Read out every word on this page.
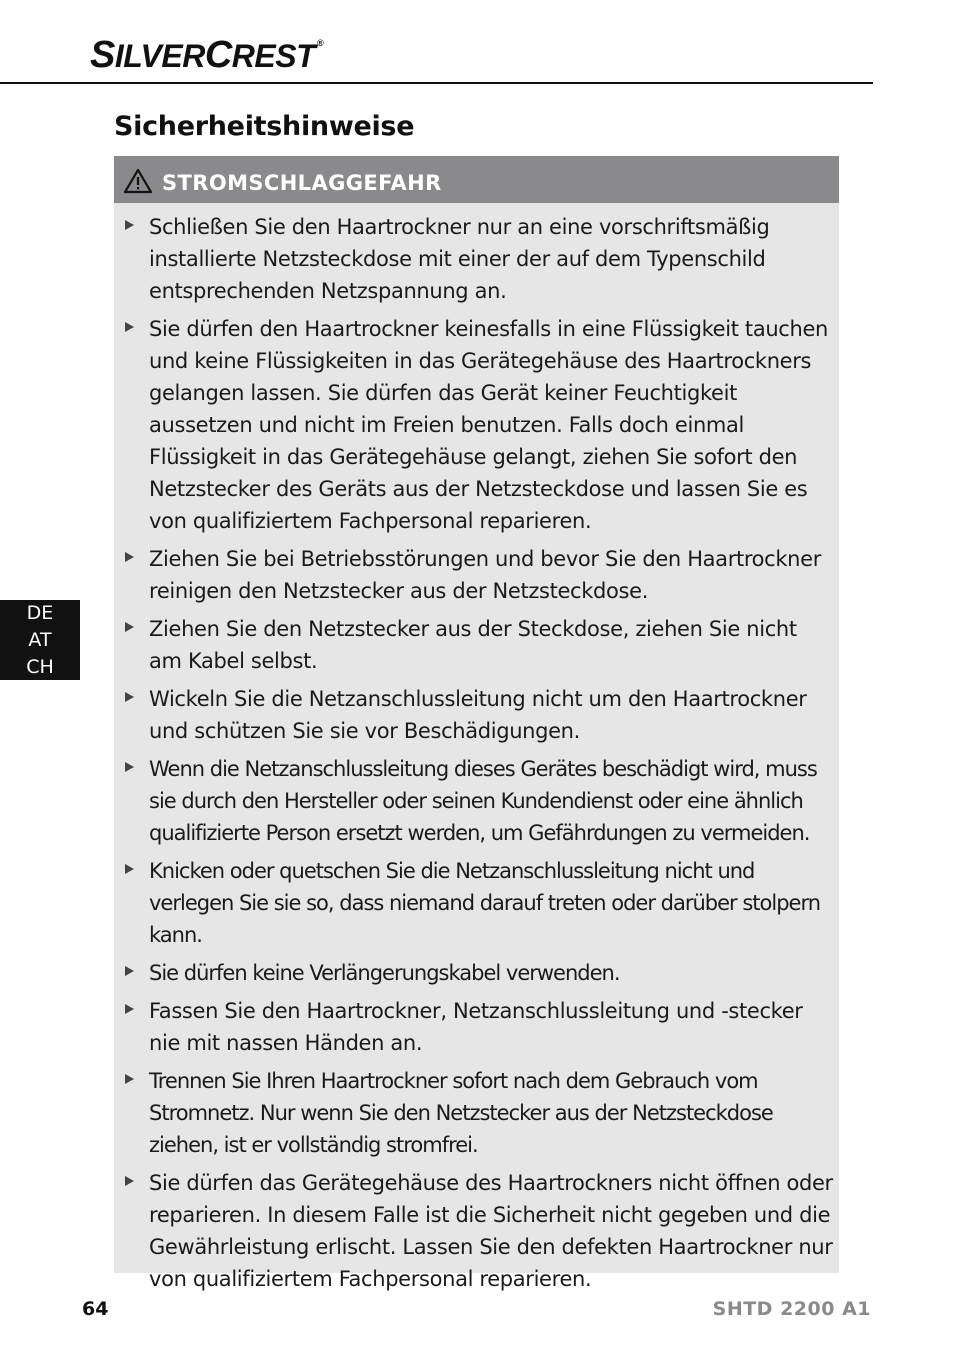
SILVERCREST ®
Sicherheitshinweise
STROMSCHLAGGEFAHR
Schließen Sie den Haartrockner nur an eine vorschriftsmäßig installierte Netzsteckdose mit einer der auf dem Typenschild entsprechenden Netzspannung an.
Sie dürfen den Haartrockner keinesfalls in eine Flüssigkeit tauchen und keine Flüssigkeiten in das Gerätegehäuse des Haartrockners gelangen lassen. Sie dürfen das Gerät keiner Feuchtigkeit aussetzen und nicht im Freien benutzen. Falls doch einmal Flüssigkeit in das Gerätegehäuse gelangt, ziehen Sie sofort den Netzstecker des Geräts aus der Netzsteckdose und lassen Sie es von qualifiziertem Fachpersonal reparieren.
Ziehen Sie bei Betriebsstörungen und bevor Sie den Haartrockner reinigen den Netzstecker aus der Netzsteckdose.
Ziehen Sie den Netzstecker aus der Steckdose, ziehen Sie nicht am Kabel selbst.
Wickeln Sie die Netzanschlussleitung nicht um den Haartrockner und schützen Sie sie vor Beschädigungen.
Wenn die Netzanschlussleitung dieses Gerätes beschädigt wird, muss sie durch den Hersteller oder seinen Kundendienst oder eine ähnlich qualifizierte Person ersetzt werden, um Gefährdungen zu vermeiden.
Knicken oder quetschen Sie die Netzanschlussleitung nicht und verlegen Sie sie so, dass niemand darauf treten oder darüber stolpern kann.
Sie dürfen keine Verlängerungskabel verwenden.
Fassen Sie den Haartrockner, Netzanschlussleitung und -stecker nie mit nassen Händen an.
Trennen Sie Ihren Haartrockner sofort nach dem Gebrauch vom Stromnetz. Nur wenn Sie den Netzstecker aus der Netzsteckdose ziehen, ist er vollständig stromfrei.
Sie dürfen das Gerätegehäuse des Haartrockners nicht öffnen oder reparieren. In diesem Falle ist die Sicherheit nicht gegeben und die Gewährleistung erlischt. Lassen Sie den defekten Haartrockner nur von qualifiziertem Fachpersonal reparieren.
DE
AT
CH
64	SHTD 2200 A1
